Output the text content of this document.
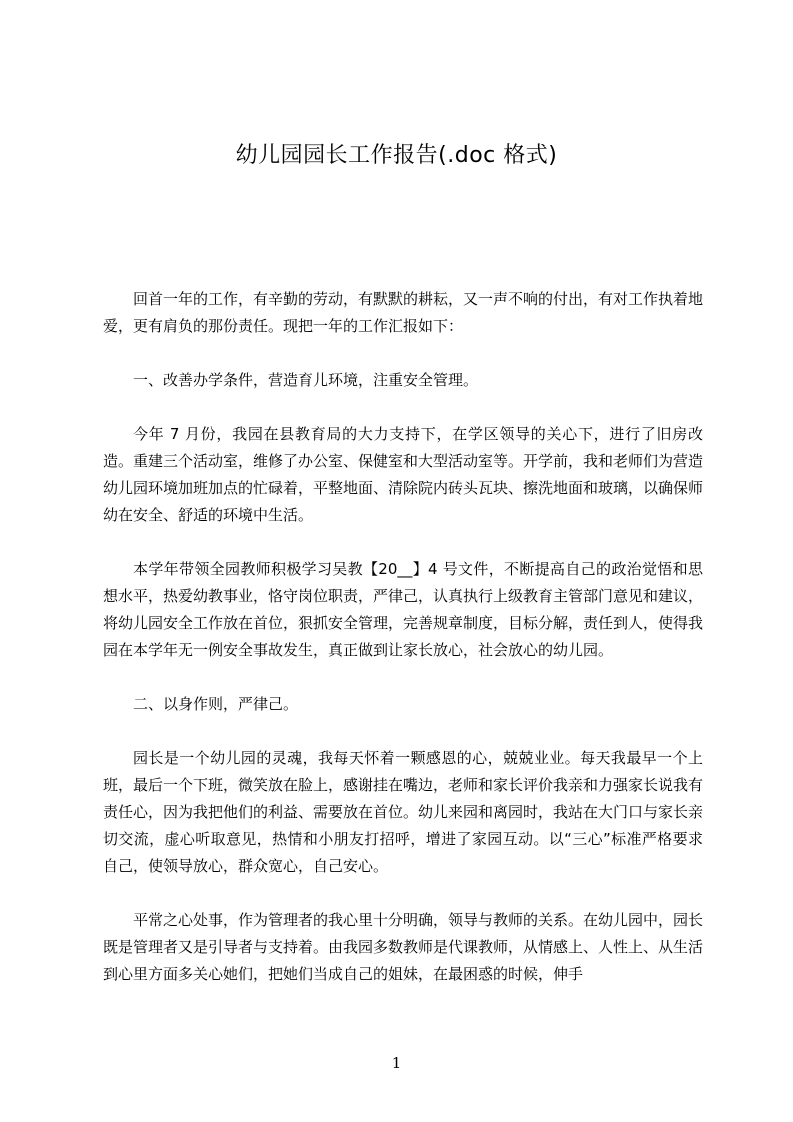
幼儿园园长工作报告(.doc 格式)

回首一年的工作，有辛勤的劳动，有默默的耕耘，又一声不响的付出，有对工作执着地爱，更有肩负的那份责任。现把一年的工作汇报如下：

一、改善办学条件，营造育儿环境，注重安全管理。

今年 7 月份，我园在县教育局的大力支持下，在学区领导的关心下，进行了旧房改造。重建三个活动室，维修了办公室、保健室和大型活动室等。开学前，我和老师们为营造幼儿园环境加班加点的忙碌着，平整地面、清除院内砖头瓦块、擦洗地面和玻璃，以确保师幼在安全、舒适的环境中生活。

本学年带领全园教师积极学习吴教【20__】4 号文件，不断提高自己的政治觉悟和思想水平，热爱幼教事业，恪守岗位职责，严律己，认真执行上级教育主管部门意见和建议，将幼儿园安全工作放在首位，狠抓安全管理，完善规章制度，目标分解，责任到人，使得我园在本学年无一例安全事故发生，真正做到让家长放心，社会放心的幼儿园。

二、以身作则，严律己。

园长是一个幼儿园的灵魂，我每天怀着一颗感恩的心，兢兢业业。每天我最早一个上班，最后一个下班，微笑放在脸上，感谢挂在嘴边，老师和家长评价我亲和力强家长说我有责任心，因为我把他们的利益、需要放在首位。幼儿来园和离园时，我站在大门口与家长亲切交流，虚心听取意见，热情和小朋友打招呼，增进了家园互动。以“三心”标准严格要求自己，使领导放心，群众宽心，自己安心。

平常之心处事，作为管理者的我心里十分明确，领导与教师的关系。在幼儿园中，园长既是管理者又是引导者与支持着。由我园多数教师是代课教师，从情感上、人性上、从生活到心里方面多关心她们，把她们当成自己的姐妹，在最困惑的时候，伸手

1
